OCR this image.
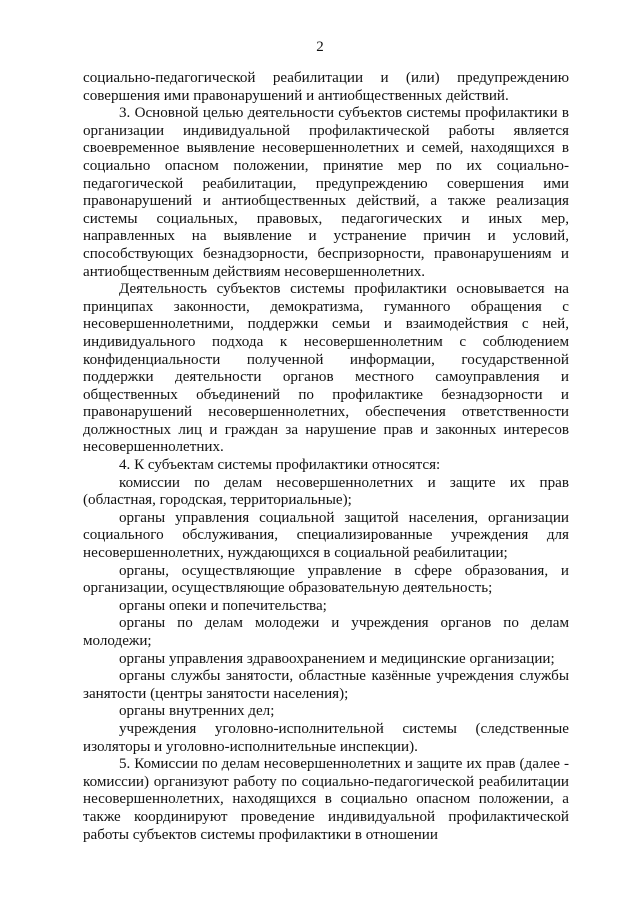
2

социально-педагогической реабилитации и (или) предупреждению совершения ими правонарушений и антиобщественных действий.

3. Основной целью деятельности субъектов системы профилактики в организации индивидуальной профилактической работы является своевременное выявление несовершеннолетних и семей, находящихся в социально опасном положении, принятие мер по их социально-педагогической реабилитации, предупреждению совершения ими правонарушений и антиобщественных действий, а также реализация системы социальных, правовых, педагогических и иных мер, направленных на выявление и устранение причин и условий, способствующих безнадзорности, беспризорности, правонарушениям и антиобщественным действиям несовершеннолетних.

Деятельность субъектов системы профилактики основывается на принципах законности, демократизма, гуманного обращения с несовершеннолетними, поддержки семьи и взаимодействия с ней, индивидуального подхода к несовершеннолетним с соблюдением конфиденциальности полученной информации, государственной поддержки деятельности органов местного самоуправления и общественных объединений по профилактике безнадзорности и правонарушений несовершеннолетних, обеспечения ответственности должностных лиц и граждан за нарушение прав и законных интересов несовершеннолетних.

4. К субъектам системы профилактики относятся:

комиссии по делам несовершеннолетних и защите их прав (областная, городская, территориальные);
органы управления социальной защитой населения, организации социального обслуживания, специализированные учреждения для несовершеннолетних, нуждающихся в социальной реабилитации;
органы, осуществляющие управление в сфере образования, и организации, осуществляющие образовательную деятельность;
органы опеки и попечительства;
органы по делам молодежи и учреждения органов по делам молодежи;
органы управления здравоохранением и медицинские организации;
органы службы занятости, областные казённые учреждения службы занятости (центры занятости населения);
органы внутренних дел;
учреждения уголовно-исполнительной системы (следственные изоляторы и уголовно-исполнительные инспекции).

5. Комиссии по делам несовершеннолетних и защите их прав (далее - комиссии) организуют работу по социально-педагогической реабилитации несовершеннолетних, находящихся в социально опасном положении, а также координируют проведение индивидуальной профилактической работы субъектов системы профилактики в отношении
